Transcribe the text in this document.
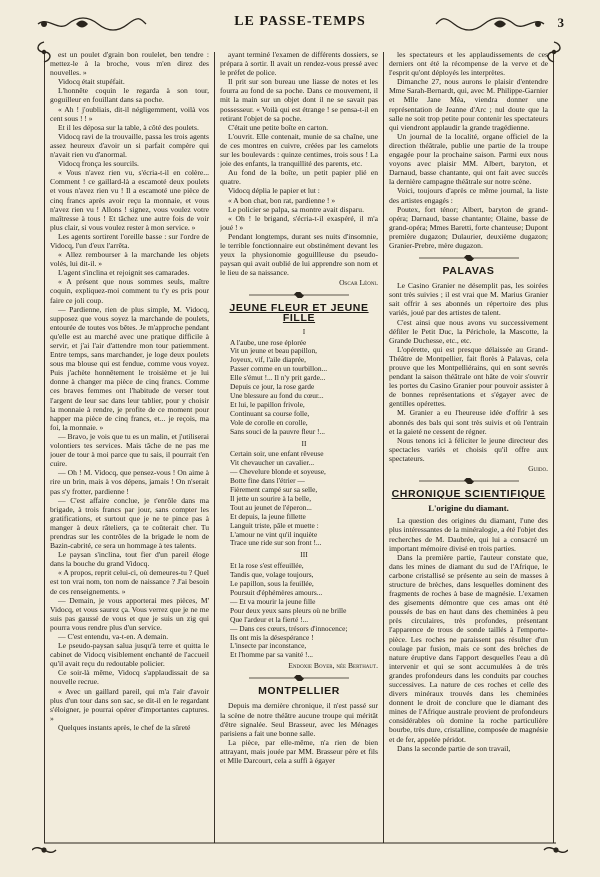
LE PASSE-TEMPS	3

est un poulet d'grain bon roulelet, ben tendre : mettez-le à la broche, vous m'en direz des nouvelles. »

Vidocq était stupéfait.

L'honnête coquin le regarda à son tour, goguilleur en fouillant dans sa poche.

« Ah ! j'oubliais, dit-il négligemment, voilà vos cent sous ! ! »

Et il les déposa sur la table, à côté des poulets.

Vidocq ravi de la trouvaille, passa les trois agents assez heureux d'avoir un si parfait compère qui n'avait rien vu d'anormal.

Vidocq fronça les sourcils.

« Vous n'avez rien vu, s'écria-t-il en colère... Comment ! ce gaillard-là a escamoté deux poulets et vous n'avez rien vu ! Il a escamoté une pièce de cinq francs après avoir reçu la monnaie, et vous n'avez rien vu ! Allons ! signez, vous voulez votre maîtresse à tous ! Et tâchez une autre fois de voir plus clair, si vous voulez rester à mon service. »

Les agents sortirent l'oreille basse : sur l'ordre de Vidocq, l'un d'eux l'arrêta.

« Allez rembourser à la marchande les objets volés, lui dit-il. »

L'agent s'inclina et rejoignit ses camarades.

« A présent que nous sommes seuls, maître coquin, expliquez-moi comment tu t'y es pris pour faire ce joli coup.

— Pardienne, rien de plus simple, M. Vidocq, supposez que vous soyez la marchande de poulets, entourée de toutes vos bêtes. Je m'approche pendant qu'elle est au marché avec une pratique difficile à servir, et j'ai l'air d'attendre mon tour patiemment. Entre temps, sans marchander, je loge deux poulets sous ma blouse qui est fendue, comme vous voyez. Puis j'achète honnêtement le troisième et je lui donne à changer ma pièce de cinq francs. Comme ces braves femmes ont l'habitude de verser tout l'argent de leur sac dans leur tablier, pour y choisir la monnaie à rendre, je profite de ce moment pour happer ma pièce de cinq francs, et... je reçois, ma foi, la monnaie. »

— Bravo, je vois que tu es un malin, et j'utiliserai volontiers tes services. Mais tâche de ne pas me jouer de tour à moi parce que tu sais, il pourrait t'en cuire.

— Oh ! M. Vidocq, que pensez-vous ! On aime à rire un brin, mais à vos dépens, jamais ! On n'serait pas s'y frotter, pardienne !

— C'est affaire conclue, je t'enrôle dans ma brigade, à trois francs par jour, sans compter les gratifications, et surtout que je ne te pince pas à manger à deux râteliers, ça te coûterait cher. Tu prendras sur les contrôles de la brigade le nom de Bazin-cabrité, ce sera un hommage à tes talents.

Le paysan s'inclina, tout fier d'un pareil éloge dans la bouche du grand Vidocq.

« A propos, reprit celui-ci, où demeures-tu ? Quel est ton vrai nom, ton nom de naissance ? J'ai besoin de ces renseignements. »

— Demain, je vous apporterai mes pièces, M' Vidocq, et vous saurez ça. Vous verrez que je ne me suis pas gaussé de vous et que je suis un zig qui pourra vous rendre plus d'un service.

— C'est entendu, va-t-en. A demain.

Le pseudo-paysan salua jusqu'à terre et quitta le cabinet de Vidocq visiblement enchanté de l'accueil qu'il avait reçu du redoutable policier.

Ce soir-là même, Vidocq s'applaudissait de sa nouvelle recrue.

« Avec un gaillard pareil, qui m'a l'air d'avoir plus d'un tour dans son sac, se dit-il en le regardant s'éloigner, je pourrai opérer d'importantes captures. »

Quelques instants après, le chef de la sûreté

ayant terminé l'examen de différents dossiers, se prépara à sortir. Il avait un rendez-vous pressé avec le préfet de police.

Il prit sur son bureau une liasse de notes et les fourra au fond de sa poche. Dans ce mouvement, il mit la main sur un objet dont il ne se savait pas possesseur. « Voilà qui est étrange ! se pensa-t-il en retirant l'objet de sa poche.

C'était une petite boîte en carton.

L'ouvrit. Elle contenait, munie de sa chaîne, une de ces montres en cuivre, créées par les camelots sur les boulevards : quinze centimes, trois sous ! La joie des enfants, la tranquillité des parents, etc.

Au fond de la boîte, un petit papier plié en quatre.

Vidocq déplia le papier et lut :

« A bon chat, bon rat, pardienne ! »

Le policier se palpa, sa montre avait disparu.

« Oh ! le brigand, s'écria-t-il exaspéré, il m'a joué ! »

Pendant longtemps, durant ses nuits d'insomnie, le terrible fonctionnaire eut obstinément devant les yeux la physionomie goguillleuse du pseudo-paysan qui avait oublié de lui apprendre son nom et le lieu de sa naissance.

Oscar Léoni.

JEUNE FLEUR ET JEUNE FILLE
I
A l'aube, une rose éplorée
Vit un jeune et beau papillon,
Joyeux, vif, l'aile diaprée,
Passer comme en un tourbillon...
Elle s'émut !... Il n'y prit garde...
Depuis ce jour, la rose garde
Une blessure au fond du cœur...
Et lui, le papillon frivole,
Continuant sa course folle,
Vole de corolle en corolle,
Sans souci de la pauvre fleur !...
II
Certain soir, une enfant rêveuse
Vit chevaucher un cavalier...
— Chevelure blonde et soyeuse,
Botte fine dans l'étrier —
Fièrement campé sur sa selle,
Il jette un sourire à la belle,
Tout au jeunet de l'éperon...
Et depuis, la jeune fillette
Languit triste, pâle et muette :
L'amour ne vint qu'il inquiète
Trace une ride sur son front !...
III
Et la rose s'est effeuillée,
Tandis que, volage toujours,
Le papillon, sous la feuillée,
Poursuit d'éphémères amours...
— Et va mourir la jeune fille
Pour deux yeux sans pleurs où ne brille
Que l'ardeur et la fierté !...
— Dans ces cœurs, trésors d'innocence;
Ils ont mis la désespérance !
L'insecte par inconstance,
Et l'homme par sa vanité !...

Endoxie Boyer, née Berthaut.

MONTPELLIER

Depuis ma dernière chronique, il n'est passé sur la scène de notre théâtre aucune troupe qui méritât d'être signalée. Seul Brasseur, avec les Ménages parisiens a fait une bonne salle.

La pièce, par elle-même, n'a rien de bien attrayant, mais jouée par MM. Brasseur père et fils et Mlle Darcourt, cela a suffi à égayer

les spectateurs et les applaudissements de ces derniers ont été la récompense de la verve et de l'esprit qu'ont déployés les interprètes.

Dimanche 27, nous aurons le plaisir d'entendre Mme Sarah-Bernardt, qui, avec M. Philippe-Garnier et Mlle Jane Méa, viendra donner une représentation de Jeanne d'Arc ; nul doute que la salle ne soit trop petite pour contenir les spectateurs qui viendront applaudir la grande tragédienne.

Un journal de la localité, organe officiel de la direction théâtrale, publie une partie de la troupe engagée pour la prochaine saison. Parmi eux nous voyons avec plaisir MM. Albert, baryton, et Darnaud, basse chantante, qui ont fait avec succès la dernière campagne théâtrale sur notre scène.

Voici, toujours d'après ce même journal, la liste des artistes engagés :

Poutex, fort ténor; Albert, baryton de grand-opéra; Darnaud, basse chantante; Olaine, basse de grand-opéra; Mmes Baretti, forte chanteuse; Dupont première dugazon; Dulaurier, deuxième dugazon; Granier-Prebre, mère dugazon.

PALAVAS

Le Casino Granier ne désemplit pas, les soirées sont très suivies ; il est vrai que M. Marius Granier sait offrir à ses abonnés un répertoire des plus variés, joué par des artistes de talent.

C'est ainsi que nous avons vu successivement défiler le Petit Duc, la Périchole, la Mascotte, la Grande Duchesse, etc., etc.

L'opérette, qui est presque délaissée au Grand-Théâtre de Montpellier, fait florès à Palavas, cela prouve que les Montpelliérains, qui en sont sevrés pendant la saison théâtrale ont hâte de voir s'ouvrir les portes du Casino Granier pour pouvoir assister à de bonnes représentations et s'égayer avec de gentilles opérettes.

M. Granier a eu l'heureuse idée d'offrir à ses abonnés des bals qui sont très suivis et où l'entrain et la gaieté ne cessent de régner.

Nous tenons ici à féliciter le jeune directeur des spectacles variés et choisis qu'il offre aux spectateurs.

Guido.

CHRONIQUE SCIENTIFIQUE
L'origine du diamant.

La question des origines du diamant, l'une des plus intéressantes de la minéralogie, a été l'objet des recherches de M. Daubrée, qui lui a consacré un important mémoire divisé en trois parties.

Dans la première partie, l'auteur constate que, dans les mines de diamant du sud de l'Afrique, le carbone cristallisé se présente au sein de masses à structure de brèches, dans lesquelles dominent des fragments de roches à base de magnésie. L'examen des gisements démontre que ces amas ont été poussés de bas en haut dans des cheminées à peu près circulaires, très profondes, présentant l'apparence de trous de sonde taillés à l'emporte-pièce. Les roches ne paraissent pas résulter d'un coulage par fusion, mais ce sont des brèches de nature éruptive dans l'apport desquelles l'eau a dû intervenir et qui se sont accumulées à de très grandes profondeurs dans les conduits par couches successives. La nature de ces roches et celle des divers minéraux trouvés dans les cheminées donnent le droit de conclure que le diamant des mines de l'Afrique australe provient de profondeurs considérables où domine la roche particulière bourbe, très dure, cristalline, composée de magnésie et de fer, appelée péridot.

Dans la seconde partie de son travail,
